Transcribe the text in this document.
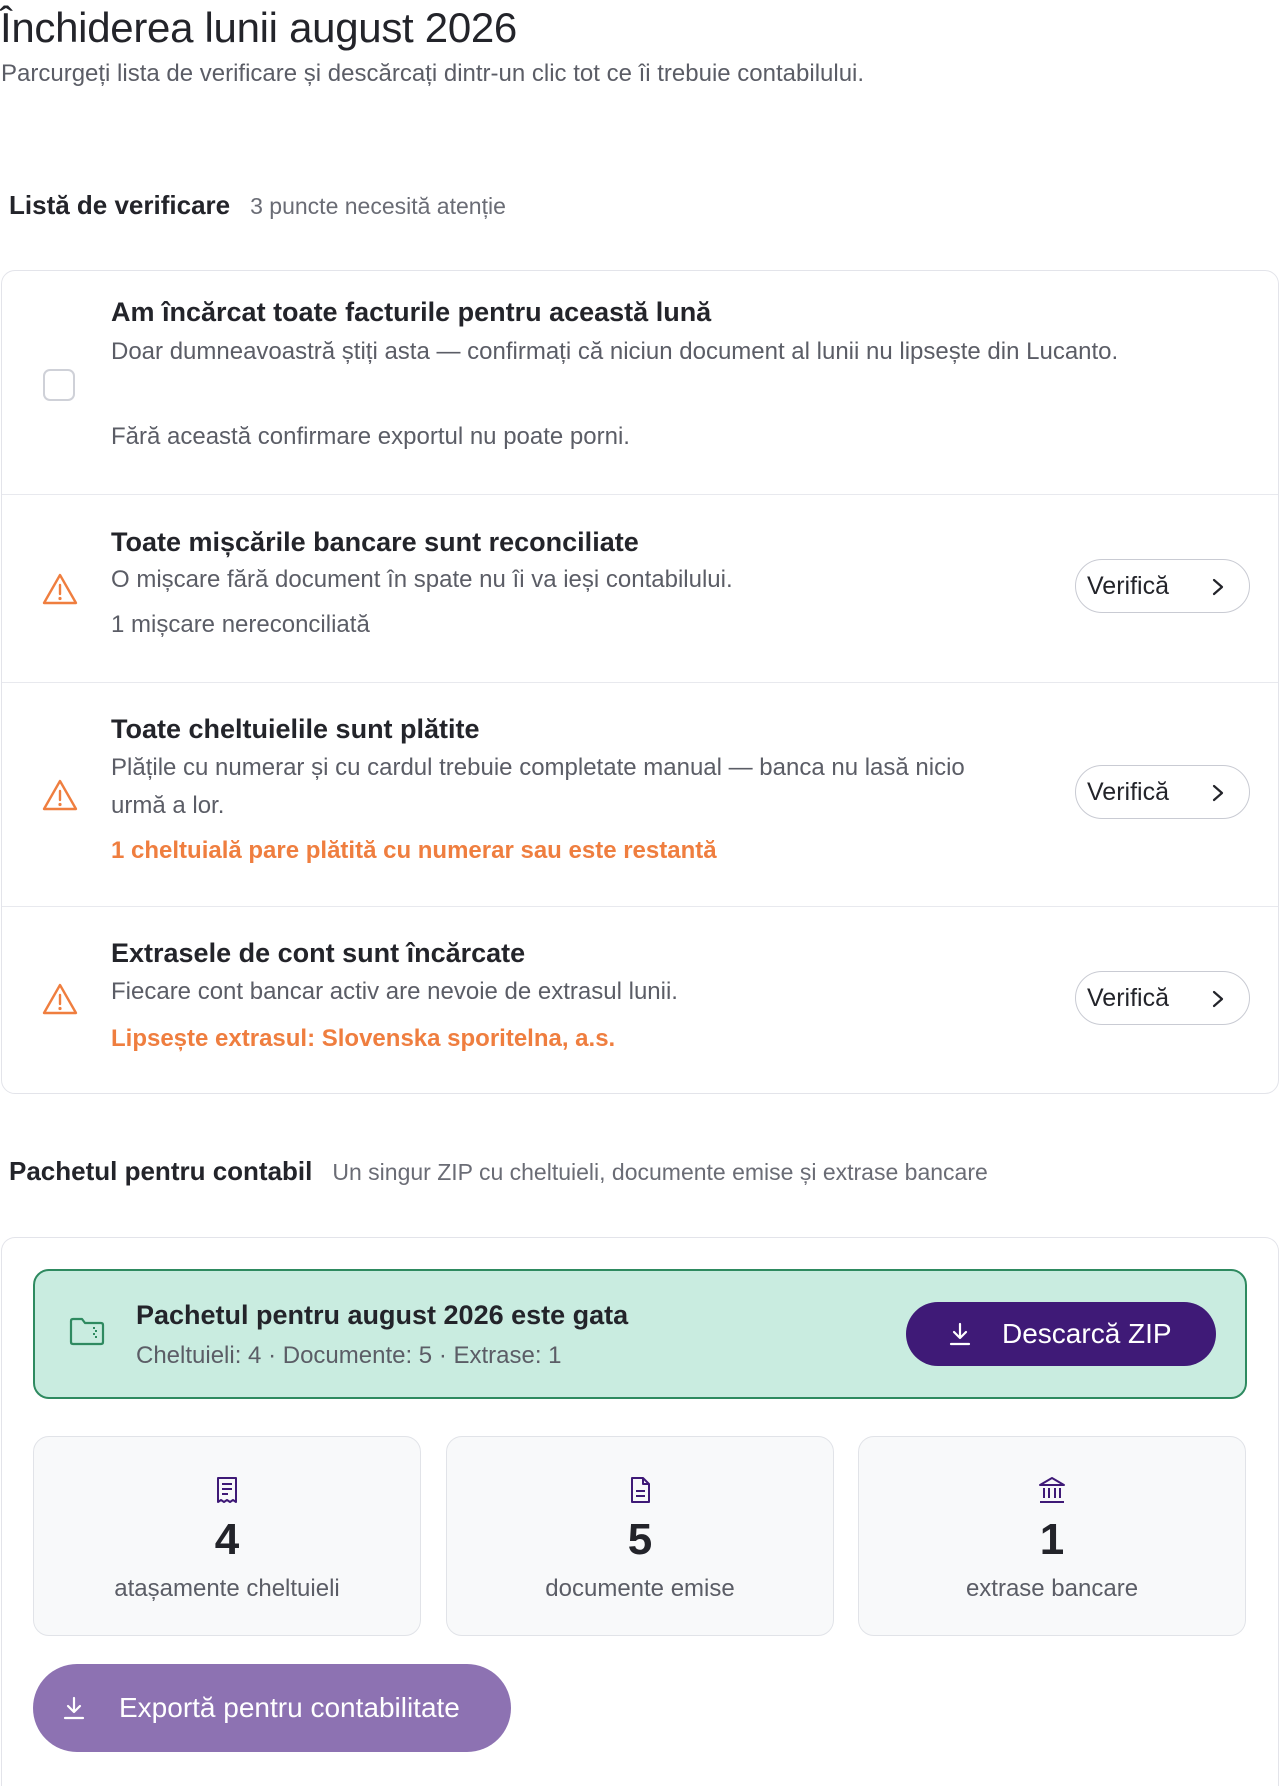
Închiderea lunii august 2026

Parcurgeți lista de verificare și descărcați dintr-un clic tot ce îi trebuie contabilului.

Listă de verificare 3 puncte necesită atenție
Am încărcat toate facturile pentru această lună
Doar dumneavoastră știți asta — confirmați că niciun document al lunii nu lipsește din Lucanto.
Fără această confirmare exportul nu poate porni.
Toate mișcările bancare sunt reconciliate
O mișcare fără document în spate nu îi va ieși contabilului.
1 mișcare nereconciliată
Verifică
Toate cheltuielile sunt plătite
Plățile cu numerar și cu cardul trebuie completate manual — banca nu lasă nicio urmă a lor.
1 cheltuială pare plătită cu numerar sau este restantă
Verifică
Extrasele de cont sunt încărcate
Fiecare cont bancar activ are nevoie de extrasul lunii.
Lipsește extrasul: Slovenska sporitelna, a.s.
Verifică
Pachetul pentru contabil Un singur ZIP cu cheltuieli, documente emise și extrase bancare
Pachetul pentru august 2026 este gata
Cheltuieli: 4 · Documente: 5 · Extrase: 1
Descarcă ZIP
4
atașamente cheltuieli
5
documente emise
1
extrase bancare
Exportă pentru contabilitate
